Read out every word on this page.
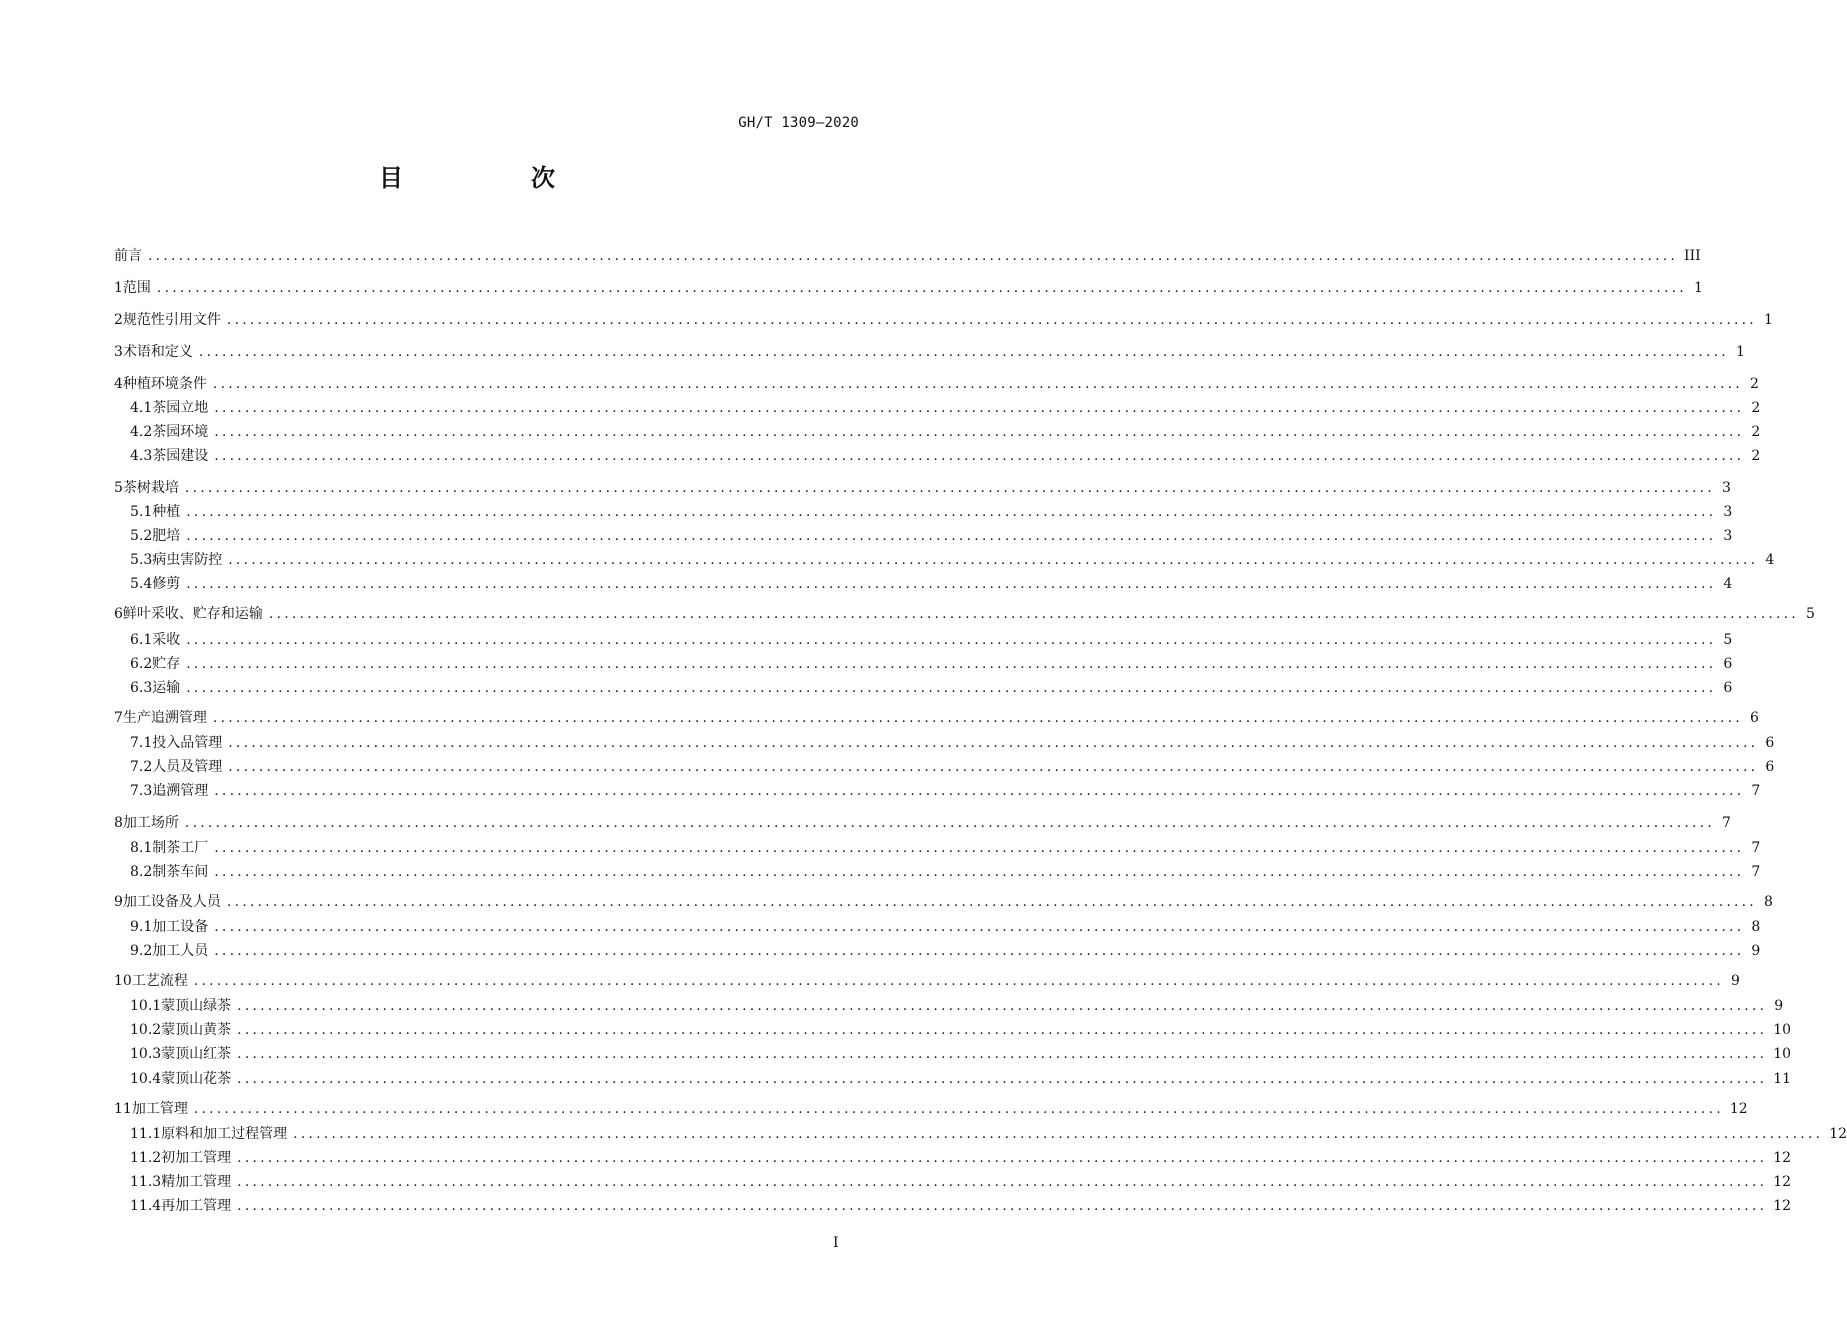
GH/T 1309—2020
目　次
前言 ........................................................................................................................................................................................................ III
1 范围 ........................................................................................................................................................................................................ 1
2 规范性引用文件 ........................................................................................................................................................................................................ 1
3 术语和定义 ........................................................................................................................................................................................................ 1
4 种植环境条件 ........................................................................................................................................................................................................ 2
4.1 茶园立地 ........................................................................................................................................................................................................ 2
4.2 茶园环境 ........................................................................................................................................................................................................ 2
4.3 茶园建设 ........................................................................................................................................................................................................ 2
5 茶树栽培 ........................................................................................................................................................................................................ 3
5.1 种植 ........................................................................................................................................................................................................ 3
5.2 肥培 ........................................................................................................................................................................................................ 3
5.3 病虫害防控 ........................................................................................................................................................................................................ 4
5.4 修剪 ........................................................................................................................................................................................................ 4
6 鲜叶采收、贮存和运输 ........................................................................................................................................................................................................ 5
6.1 采收 ........................................................................................................................................................................................................ 5
6.2 贮存 ........................................................................................................................................................................................................ 6
6.3 运输 ........................................................................................................................................................................................................ 6
7 生产追溯管理 ........................................................................................................................................................................................................ 6
7.1 投入品管理 ........................................................................................................................................................................................................ 6
7.2 人员及管理 ........................................................................................................................................................................................................ 6
7.3 追溯管理 ........................................................................................................................................................................................................ 7
8 加工场所 ........................................................................................................................................................................................................ 7
8.1 制茶工厂 ........................................................................................................................................................................................................ 7
8.2 制茶车间 ........................................................................................................................................................................................................ 7
9 加工设备及人员 ........................................................................................................................................................................................................ 8
9.1 加工设备 ........................................................................................................................................................................................................ 8
9.2 加工人员 ........................................................................................................................................................................................................ 9
10 工艺流程 ........................................................................................................................................................................................................ 9
10.1 蒙顶山绿茶 ........................................................................................................................................................................................................ 9
10.2 蒙顶山黄茶 ........................................................................................................................................................................................................ 10
10.3 蒙顶山红茶 ........................................................................................................................................................................................................ 10
10.4 蒙顶山花茶 ........................................................................................................................................................................................................ 11
11 加工管理 ........................................................................................................................................................................................................ 12
11.1 原料和加工过程管理 ........................................................................................................................................................................................................ 12
11.2 初加工管理 ........................................................................................................................................................................................................ 12
11.3 精加工管理 ........................................................................................................................................................................................................ 12
11.4 再加工管理 ........................................................................................................................................................................................................ 12
I
